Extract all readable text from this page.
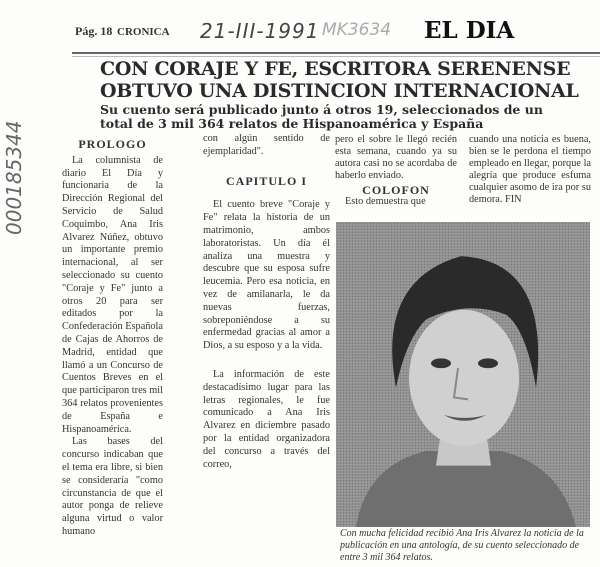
000185344
Pág. 18 CRONICA 21-III-1991 MK3634 EL DIA
CON CORAJE Y FE, ESCRITORA SERENENSE
OBTUVO UNA DISTINCION INTERNACIONAL
Su cuento será publicado junto á otros 19, seleccionados de un total de 3 mil 364 relatos de Hispanoamérica y España
PROLOGO

La columnista de diario El Día y funcionaria de la Dirección Regional del Servicio de Salud Coquimbo, Ana Iris Alvarez Núñez, obtuvo un importante premio internacional, al ser seleccionado su cuento "Coraje y Fe" junto a otros 20 para ser editados por la Confederación Española de Cajas de Ahorros de Madrid, entidad que llamó a un Concurso de Cuentos Breves en el que participaron tres mil 364 relatos provenientes de España e Hispanoamérica.

Las bases del concurso indicaban que el tema era libre, si bien se consideraría "como circunstancia de que el autor ponga de relieve alguna virtud o valor humano

con algún sentido de ejemplaridad".

CAPITULO I

El cuento breve "Coraje y Fe" relata la historia de un matrimonio, ambos laboratoristas. Un día él analiza una muestra y descubre que su esposa sufre leucemia. Pero esa noticia, en vez de amilanarla, le da nuevas fuerzas, sobreponiéndose a su enfermedad gracias al amor a Dios, a su esposo y a la vida.

La información de este destacadísimo lugar para las letras regionales, le fue comunicado a Ana Iris Alvarez en diciembre pasado por la entidad organizadora del concurso a través del correo,

pero el sobre le llegó recién esta semana, cuando ya su autora casi no se acordaba de haberlo enviado.

COLOFON

Esto demuestra que

cuando una noticia es buena, bien se le perdona el tiempo empleado en llegar, porque la alegría que produce esfuma cualquier asomo de ira por su demora. FIN

Con mucha felicidad recibió Ana Iris Alvarez la noticia de la publicación en una antología, de su cuento seleccionado de entre 3 mil 364 relatos.
